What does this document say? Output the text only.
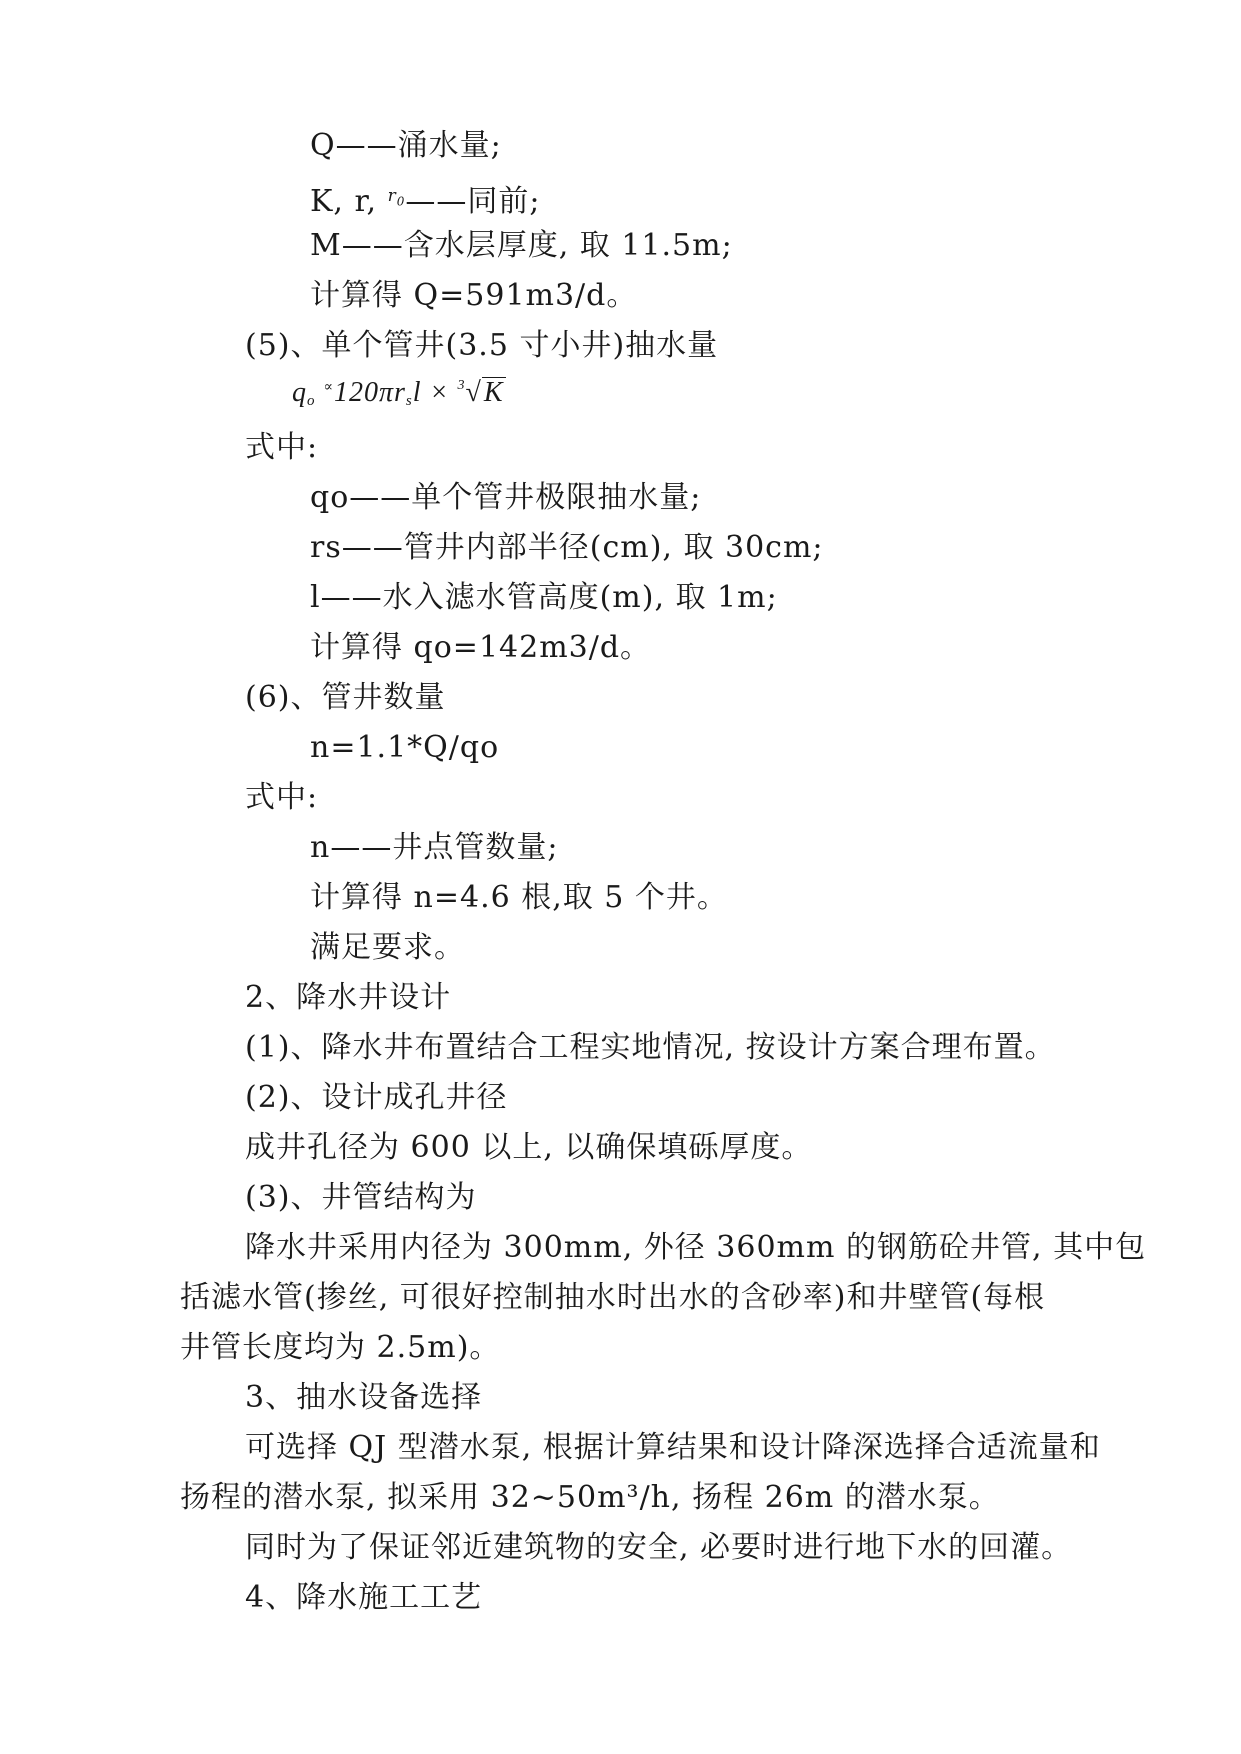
Q——涌水量;
K, r, $^{r_0}$——同前;
M——含水层厚度, 取 11.5m;
计算得 Q=591m3/d。
(5)、单个管井(3.5 寸小井)抽水量
$q_o$ $^\propto 120\pi r_sl \times ^3√K$
式中:
qo——单个管井极限抽水量;
rs——管井内部半径(cm), 取 30cm;
l——水入滤水管高度(m), 取 1m;
计算得 qo=142m3/d。
(6)、管井数量
n=1.1*Q/qo
式中:
n——井点管数量;
计算得 n=4.6 根,取 5 个井。
满足要求。
2、降水井设计
(1)、降水井布置结合工程实地情况, 按设计方案合理布置。
(2)、设计成孔井径
成井孔径为 600 以上, 以确保填砾厚度。
(3)、井管结构为
降水井采用内径为 300mm, 外径 360mm 的钢筋砼井管, 其中包
括滤水管(掺丝, 可很好控制抽水时出水的含砂率)和井壁管(每根
井管长度均为 2.5m)。
3、抽水设备选择
可选择 QJ 型潜水泵, 根据计算结果和设计降深选择合适流量和
扬程的潜水泵, 拟采用 32~50m³/h, 扬程 26m 的潜水泵。
同时为了保证邻近建筑物的安全, 必要时进行地下水的回灌。
4、降水施工工艺
